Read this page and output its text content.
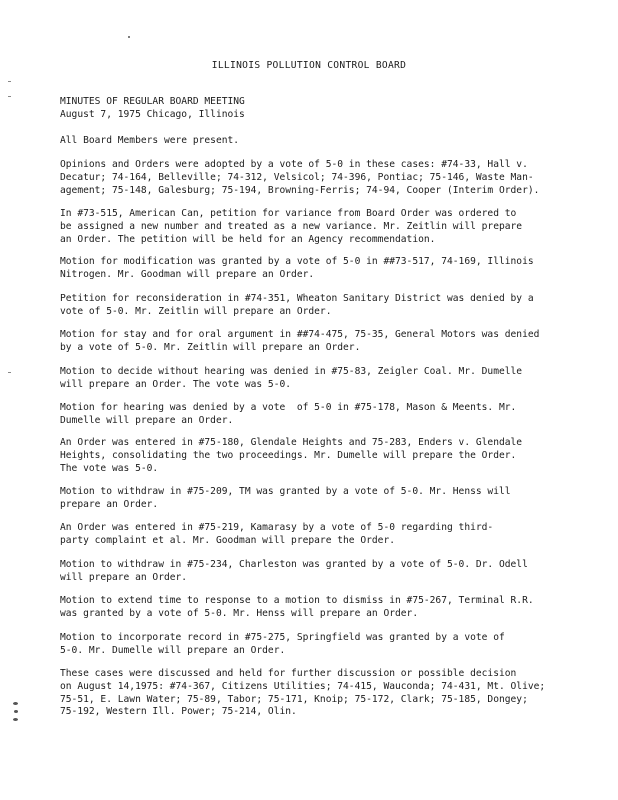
ILLINOIS POLLUTION CONTROL BOARD

MINUTES OF REGULAR BOARD MEETING
August 7, 1975 Chicago, Illinois

All Board Members were present.

Opinions and Orders were adopted by a vote of 5-0 in these cases: #74-33, Hall v.
Decatur; 74-164, Belleville; 74-312, Velsicol; 74-396, Pontiac; 75-146, Waste Man-
agement; 75-148, Galesburg; 75-194, Browning-Ferris; 74-94, Cooper (Interim Order).

In #73-515, American Can, petition for variance from Board Order was ordered to
be assigned a new number and treated as a new variance. Mr. Zeitlin will prepare
an Order. The petition will be held for an Agency recommendation.

Motion for modification was granted by a vote of 5-0 in ##73-517, 74-169, Illinois
Nitrogen. Mr. Goodman will prepare an Order.

Petition for reconsideration in #74-351, Wheaton Sanitary District was denied by a
vote of 5-0. Mr. Zeitlin will prepare an Order.

Motion for stay and for oral argument in ##74-475, 75-35, General Motors was denied
by a vote of 5-0. Mr. Zeitlin will prepare an Order.

Motion to decide without hearing was denied in #75-83, Zeigler Coal. Mr. Dumelle
will prepare an Order. The vote was 5-0.

Motion for hearing was denied by a vote  of 5-0 in #75-178, Mason & Meents. Mr.
Dumelle will prepare an Order.

An Order was entered in #75-180, Glendale Heights and 75-283, Enders v. Glendale
Heights, consolidating the two proceedings. Mr. Dumelle will prepare the Order.
The vote was 5-0.

Motion to withdraw in #75-209, TM was granted by a vote of 5-0. Mr. Henss will
prepare an Order.

An Order was entered in #75-219, Kamarasy by a vote of 5-0 regarding third-
party complaint et al. Mr. Goodman will prepare the Order.

Motion to withdraw in #75-234, Charleston was granted by a vote of 5-0. Dr. Odell
will prepare an Order.

Motion to extend time to response to a motion to dismiss in #75-267, Terminal R.R.
was granted by a vote of 5-0. Mr. Henss will prepare an Order.

Motion to incorporate record in #75-275, Springfield was granted by a vote of
5-0. Mr. Dumelle will prepare an Order.

These cases were discussed and held for further discussion or possible decision
on August 14,1975: #74-367, Citizens Utilities; 74-415, Wauconda; 74-431, Mt. Olive;
75-51, E. Lawn Water; 75-89, Tabor; 75-171, Knoip; 75-172, Clark; 75-185, Dongey;
75-192, Western Ill. Power; 75-214, Olin.
